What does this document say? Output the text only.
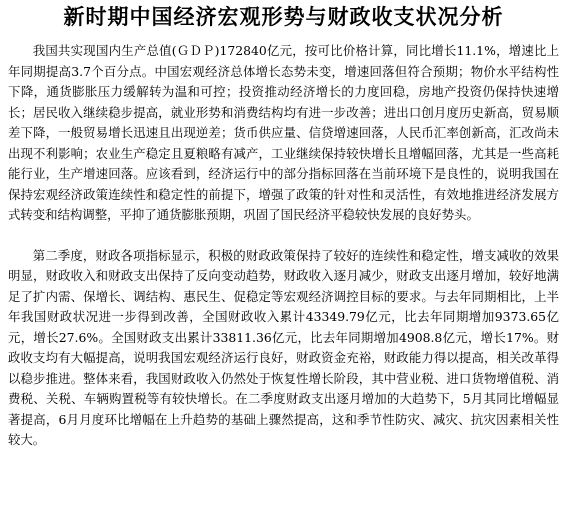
新时期中国经济宏观形势与财政收支状况分析

我国共实现国内生产总值(ＧＤＰ)172840亿元，按可比价格计算，同比增长11.1%，增速比上年同期提高3.7个百分点。中国宏观经济总体增长态势未变，增速回落但符合预期；物价水平结构性下降，通货膨胀压力缓解转为温和可控；投资推动经济增长的力度回稳，房地产投资仍保持快速增长；居民收入继续稳步提高，就业形势和消费结构均有进一步改善；进出口创月度历史新高，贸易顺差下降，一般贸易增长迅速且出现逆差；货币供应量、信贷增速回落，人民币汇率创新高，汇改尚未出现不利影响；农业生产稳定且夏粮略有减产，工业继续保持较快增长且增幅回落，尤其是一些高耗能行业，生产增速回落。应该看到，经济运行中的部分指标回落在当前环境下是良性的，说明我国在保持宏观经济政策连续性和稳定性的前提下，增强了政策的针对性和灵活性，有效地推进经济发展方式转变和结构调整，平抑了通货膨胀预期，巩固了国民经济平稳较快发展的良好势头。

第二季度，财政各项指标显示，积极的财政政策保持了较好的连续性和稳定性，增支减收的效果明显，财政收入和财政支出保持了反向变动趋势，财政收入逐月减少，财政支出逐月增加，较好地满足了扩内需、保增长、调结构、惠民生、促稳定等宏观经济调控目标的要求。与去年同期相比，上半年我国财政状况进一步得到改善，全国财政收入累计43349.79亿元，比去年同期增加9373.65亿元，增长27.6%。全国财政支出累计33811.36亿元，比去年同期增加4908.8亿元，增长17%。财政收支均有大幅提高，说明我国宏观经济运行良好，财政资金充裕，财政能力得以提高，相关改革得以稳步推进。整体来看，我国财政收入仍然处于恢复性增长阶段，其中营业税、进口货物增值税、消费税、关税、车辆购置税等有较快增长。在二季度财政支出逐月增加的大趋势下，5月其同比增幅显著提高，6月月度环比增幅在上升趋势的基础上骤然提高，这和季节性防灾、减灾、抗灾因素相关性较大。
